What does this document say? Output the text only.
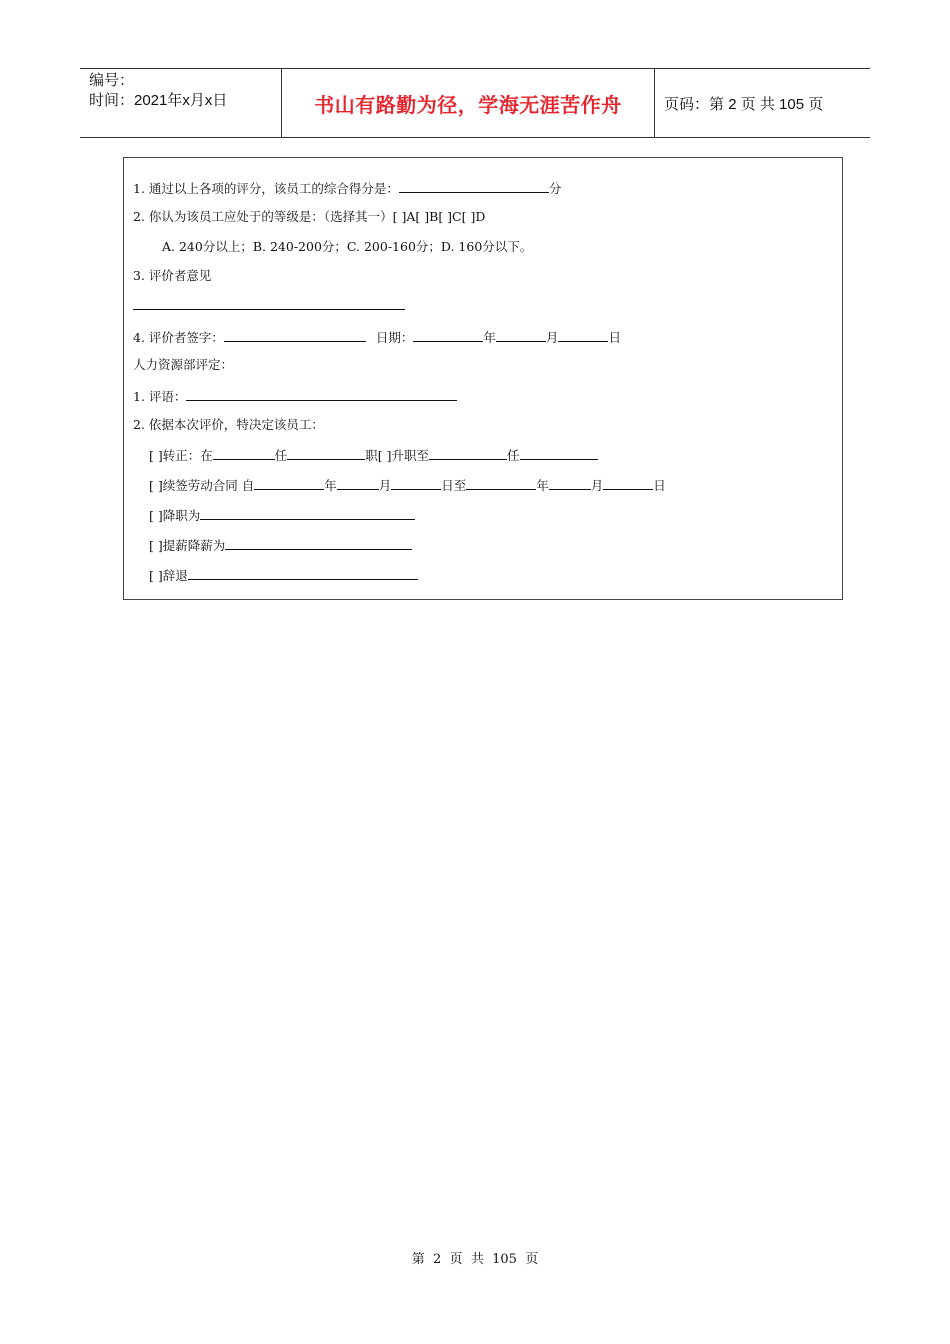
编号：
时间：2021年x月x日	书山有路勤为径，学海无涯苦作舟	页码：第 2 页 共 105 页
1. 通过以上各项的评分，该员工的综合得分是：	分
2. 你认为该员工应处于的等级是：（选择其一）[ ]A[ ]B[ ]C[ ]D
A. 240分以上；B. 240-200分；C. 200-160分；D. 160分以下。
3. 评价者意见
4. 评价者签字：	日期：	年	月	日
人力资源部评定：
1. 评语：
2. 依据本次评价，特决定该员工：
[ ]转正：在	任	职[ ]升职至	任
[ ]续签劳动合同 自	年	月	日至	年	月	日
[ ]降职为
[ ]提薪降薪为
[ ]辞退
第 2 页 共 105 页
